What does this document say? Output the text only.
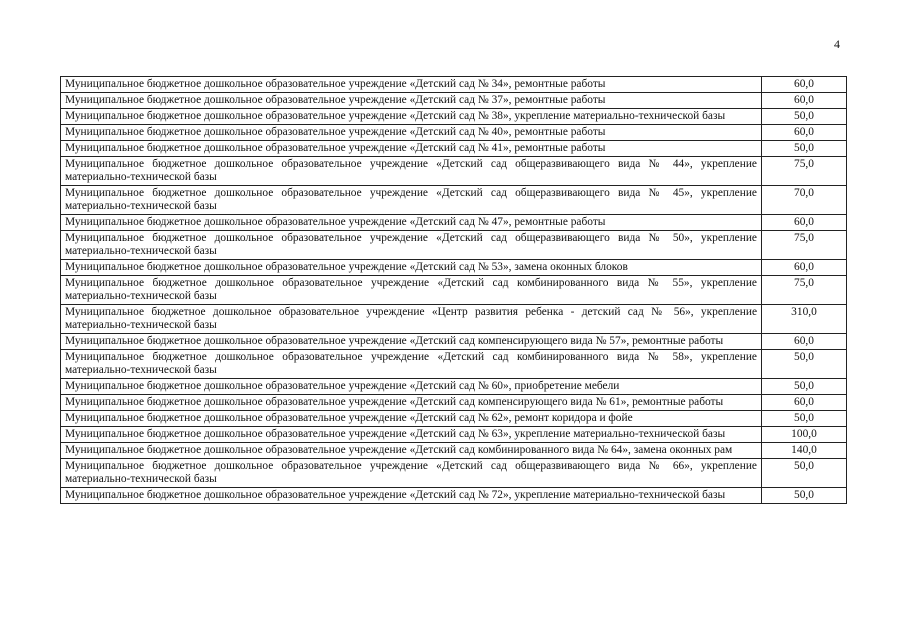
4
Муниципальное бюджетное дошкольное образовательное учреждение «Детский сад № 34», ремонтные работы	60,0
Муниципальное бюджетное дошкольное образовательное учреждение «Детский сад № 37», ремонтные работы	60,0
Муниципальное бюджетное дошкольное образовательное учреждение «Детский сад № 38», укрепление материально-технической базы	50,0
Муниципальное бюджетное дошкольное образовательное учреждение «Детский сад № 40», ремонтные работы	60,0
Муниципальное бюджетное дошкольное образовательное учреждение «Детский сад № 41», ремонтные работы	50,0
Муниципальное бюджетное дошкольное образовательное учреждение «Детский сад общеразвивающего вида № 44», укрепление материально-технической базы	75,0
Муниципальное бюджетное дошкольное образовательное учреждение «Детский сад общеразвивающего вида № 45», укрепление материально-технической базы	70,0
Муниципальное бюджетное дошкольное образовательное учреждение «Детский сад № 47», ремонтные работы	60,0
Муниципальное бюджетное дошкольное образовательное учреждение «Детский сад общеразвивающего вида № 50», укрепление материально-технической базы	75,0
Муниципальное бюджетное дошкольное образовательное учреждение «Детский сад № 53», замена оконных блоков	60,0
Муниципальное бюджетное дошкольное образовательное учреждение «Детский сад комбинированного вида № 55», укрепление материально-технической базы	75,0
Муниципальное бюджетное дошкольное образовательное учреждение «Центр развития ребенка - детский сад № 56», укрепление материально-технической базы	310,0
Муниципальное бюджетное дошкольное образовательное учреждение «Детский сад компенсирующего вида № 57», ремонтные работы	60,0
Муниципальное бюджетное дошкольное образовательное учреждение «Детский сад комбинированного вида № 58», укрепление материально-технической базы	50,0
Муниципальное бюджетное дошкольное образовательное учреждение «Детский сад № 60», приобретение мебели	50,0
Муниципальное бюджетное дошкольное образовательное учреждение «Детский сад компенсирующего вида № 61», ремонтные работы	60,0
Муниципальное бюджетное дошкольное образовательное учреждение «Детский сад № 62», ремонт коридора и фойе	50,0
Муниципальное бюджетное дошкольное образовательное учреждение «Детский сад № 63», укрепление материально-технической базы	100,0
Муниципальное бюджетное дошкольное образовательное учреждение «Детский сад комбинированного вида № 64», замена оконных рам	140,0
Муниципальное бюджетное дошкольное образовательное учреждение «Детский сад общеразвивающего вида № 66», укрепление материально-технической базы	50,0
Муниципальное бюджетное дошкольное образовательное учреждение «Детский сад № 72», укрепление материально-технической базы	50,0
